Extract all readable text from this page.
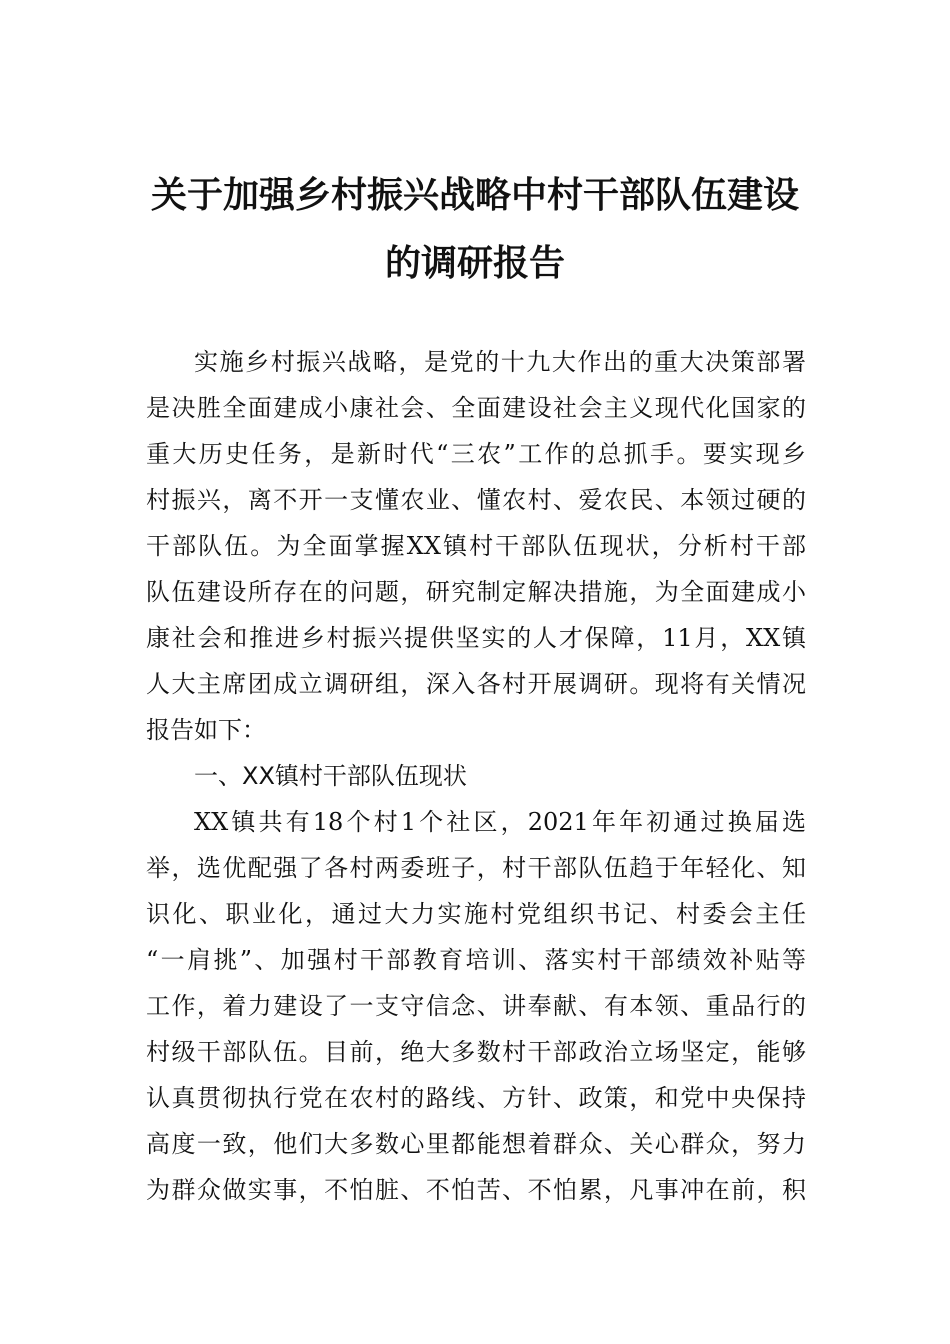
关于加强乡村振兴战略中村干部队伍建设
的调研报告
实施乡村振兴战略，是党的十九大作出的重大决策部署
是决胜全面建成小康社会、全面建设社会主义现代化国家的
重大历史任务，是新时代“三农”工作的总抓手。要实现乡
村振兴，离不开一支懂农业、懂农村、爱农民、本领过硬的
干部队伍。为全面掌握XX镇村干部队伍现状，分析村干部
队伍建设所存在的问题，研究制定解决措施，为全面建成小
康社会和推进乡村振兴提供坚实的人才保障，11月，XX镇
人大主席团成立调研组，深入各村开展调研。现将有关情况
报告如下：
一、XX镇村干部队伍现状
XX镇共有18个村1个社区，2021年年初通过换届选
举，选优配强了各村两委班子，村干部队伍趋于年轻化、知
识化、职业化，通过大力实施村党组织书记、村委会主任
“一肩挑”、加强村干部教育培训、落实村干部绩效补贴等
工作，着力建设了一支守信念、讲奉献、有本领、重品行的
村级干部队伍。目前，绝大多数村干部政治立场坚定，能够
认真贯彻执行党在农村的路线、方针、政策，和党中央保持
高度一致，他们大多数心里都能想着群众、关心群众，努力
为群众做实事，不怕脏、不怕苦、不怕累，凡事冲在前，积
